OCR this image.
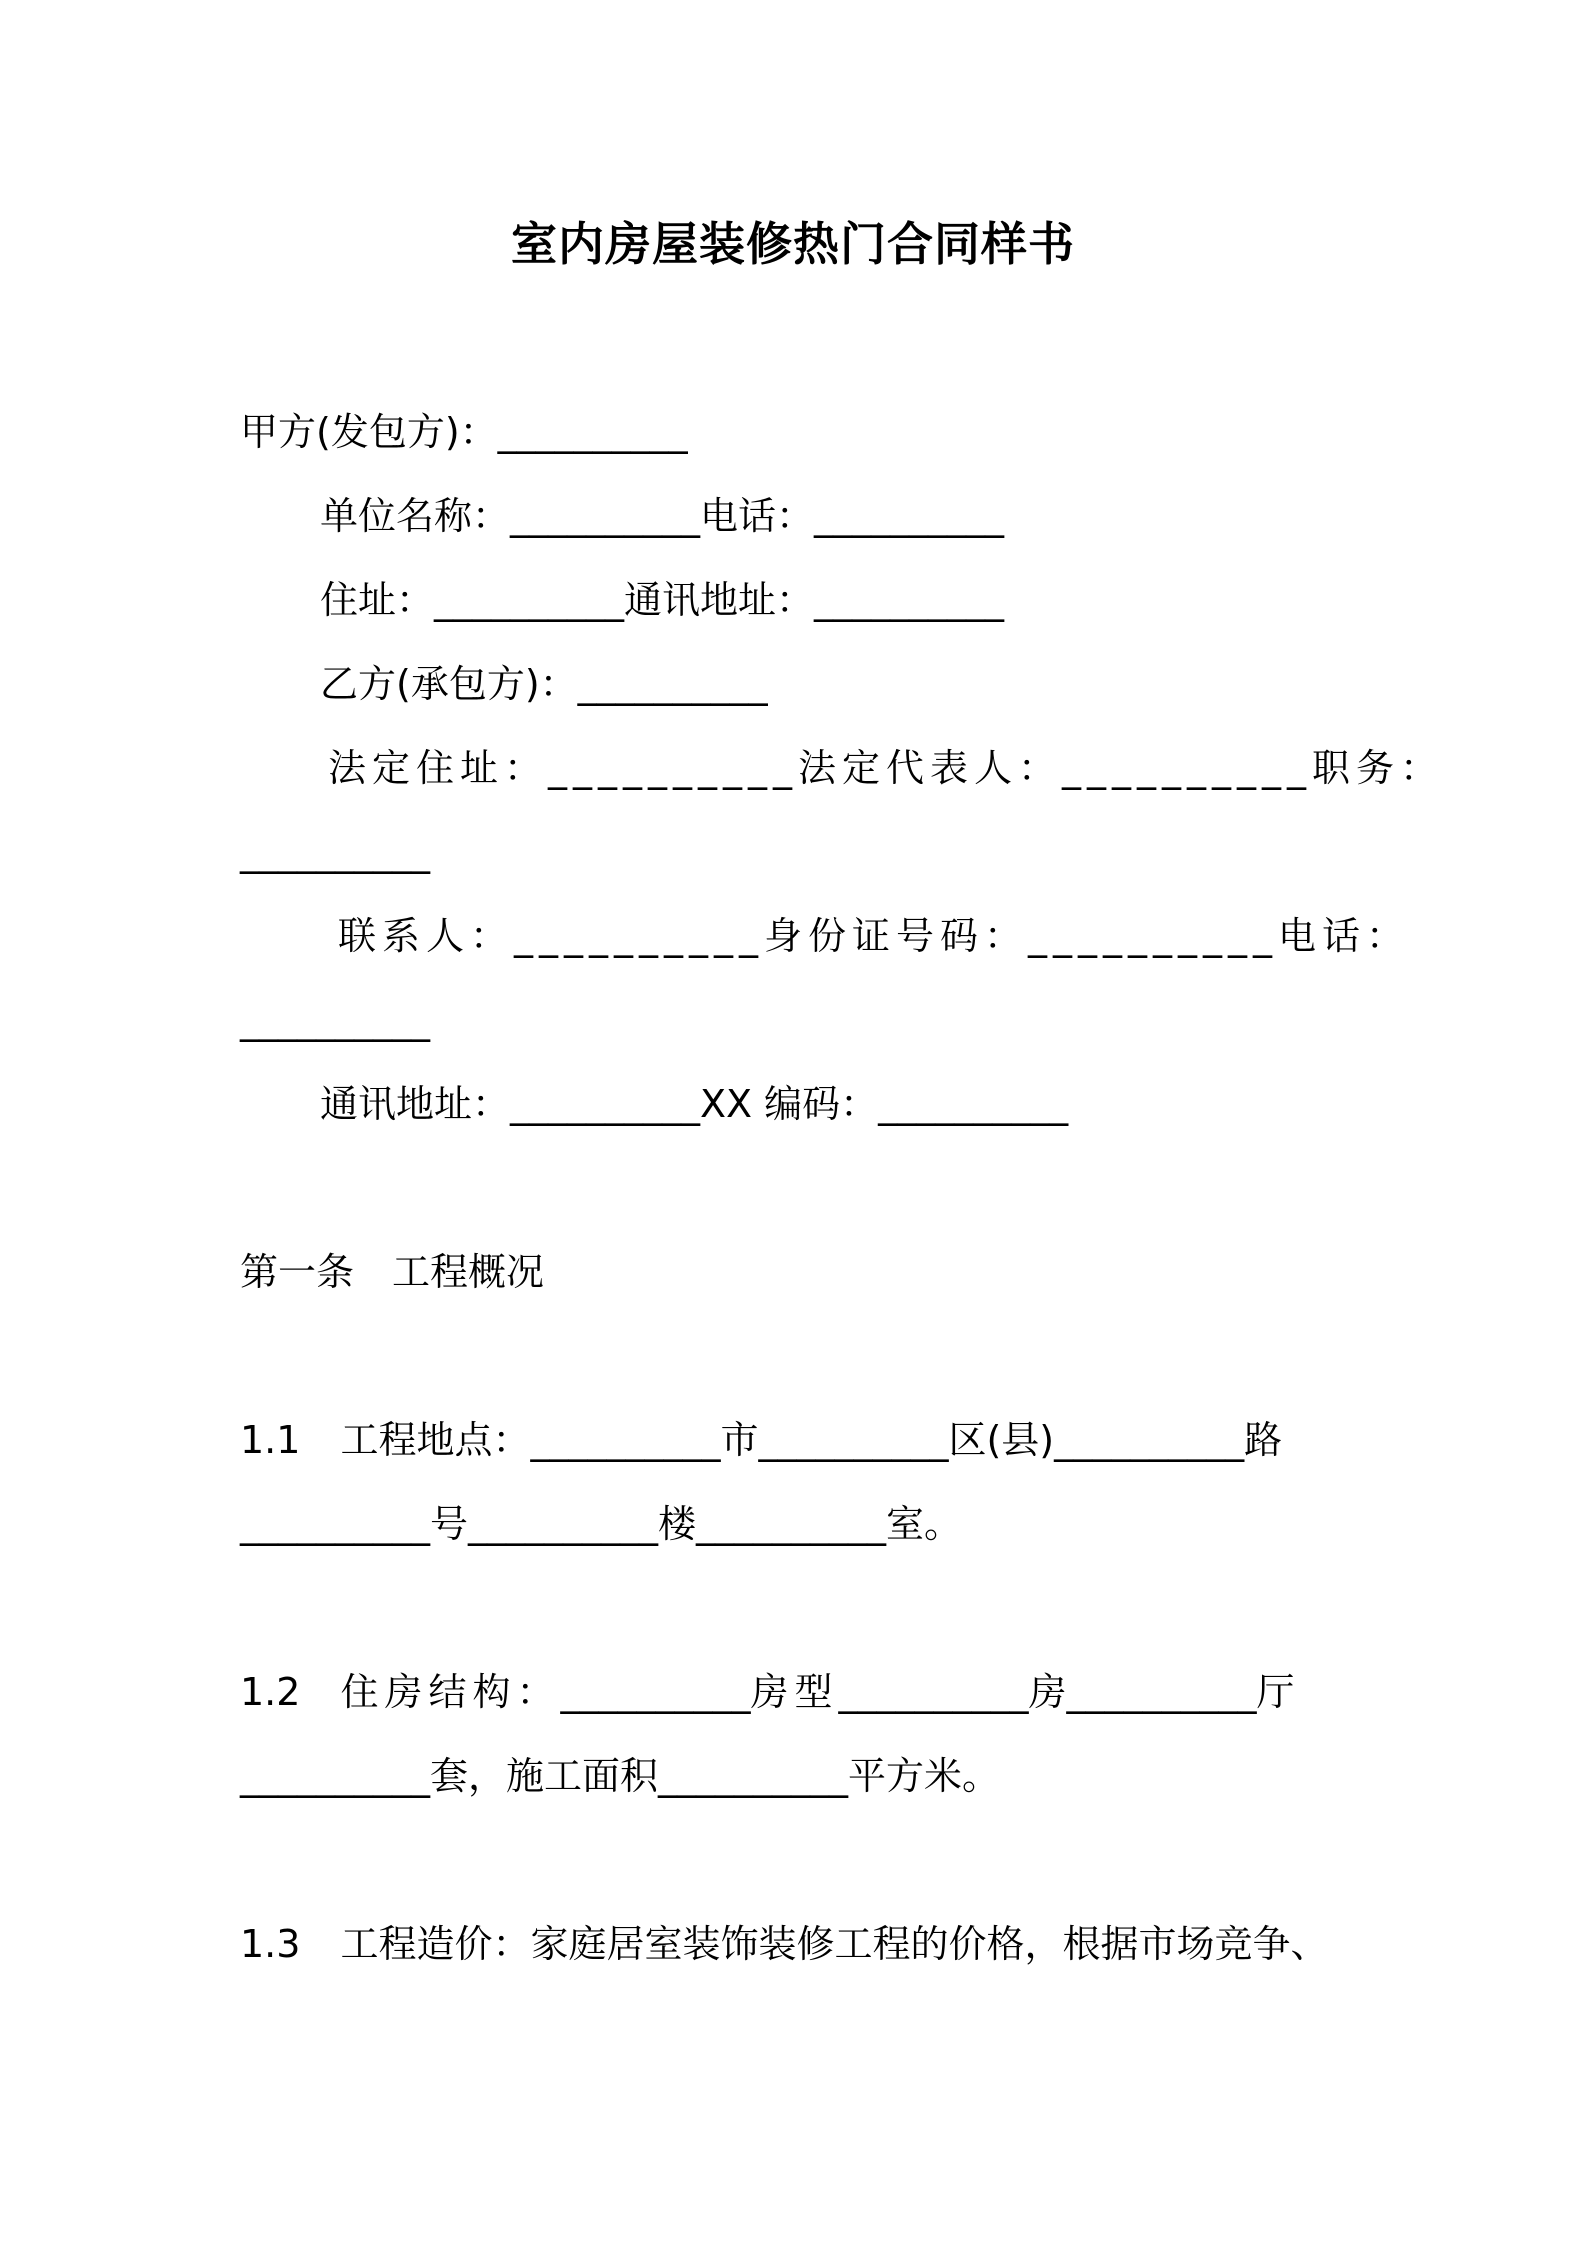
室内房屋装修热门合同样书
甲方(发包方)：__________
单位名称：__________电话：__________
住址：__________通讯地址：__________
乙方(承包方)：__________
法定住址：__________法定代表人：__________职务：
__________
联系人：__________身份证号码：__________电话：
__________
通讯地址：__________XX 编码：__________
第一条　工程概况
1.1 工程地点：__________市__________区(县)__________路
__________号__________楼__________室。
1.2 住房结构：__________房型__________房__________厅
__________套，施工面积__________平方米。
1.3 工程造价：家庭居室装饰装修工程的价格，根据市场竞争、
